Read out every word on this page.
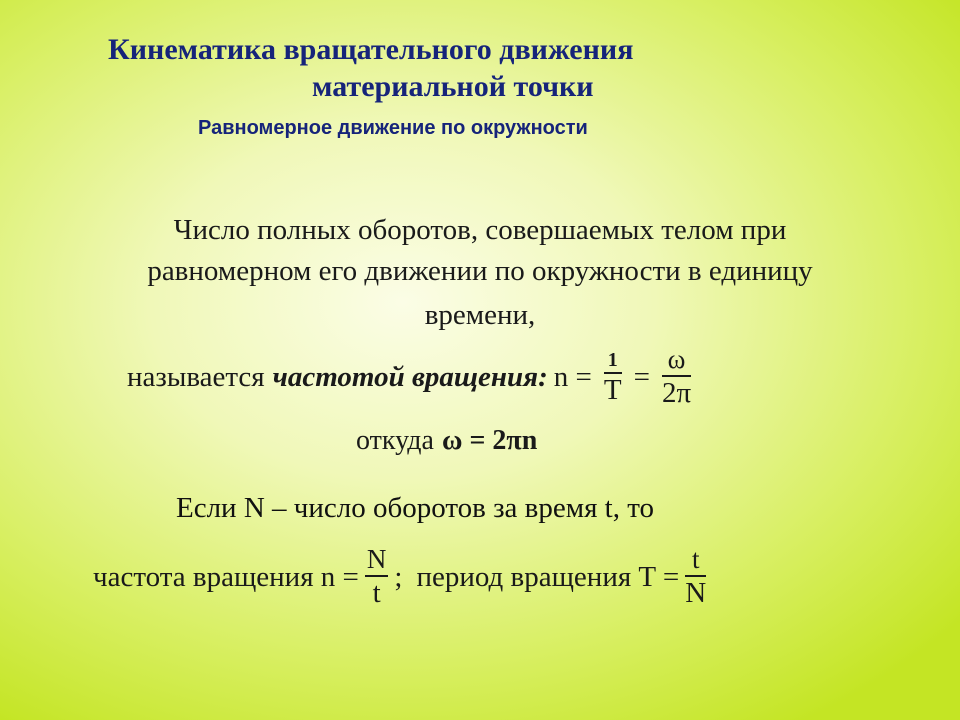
Кинематика вращательного движения
материальной точки
Равномерное движение по окружности
Число полных оборотов, совершаемых телом при
равномерном его движении по окружности в единицу
времени,
называется частотой вращения: $n = \frac{1}{T} = \frac{\omega}{2\pi}$
откуда ω = 2πn
Если N – число оборотов за время t, то
частота вращения $n = \frac{N}{t}$ ; период вращения $T = \frac{t}{N}$
